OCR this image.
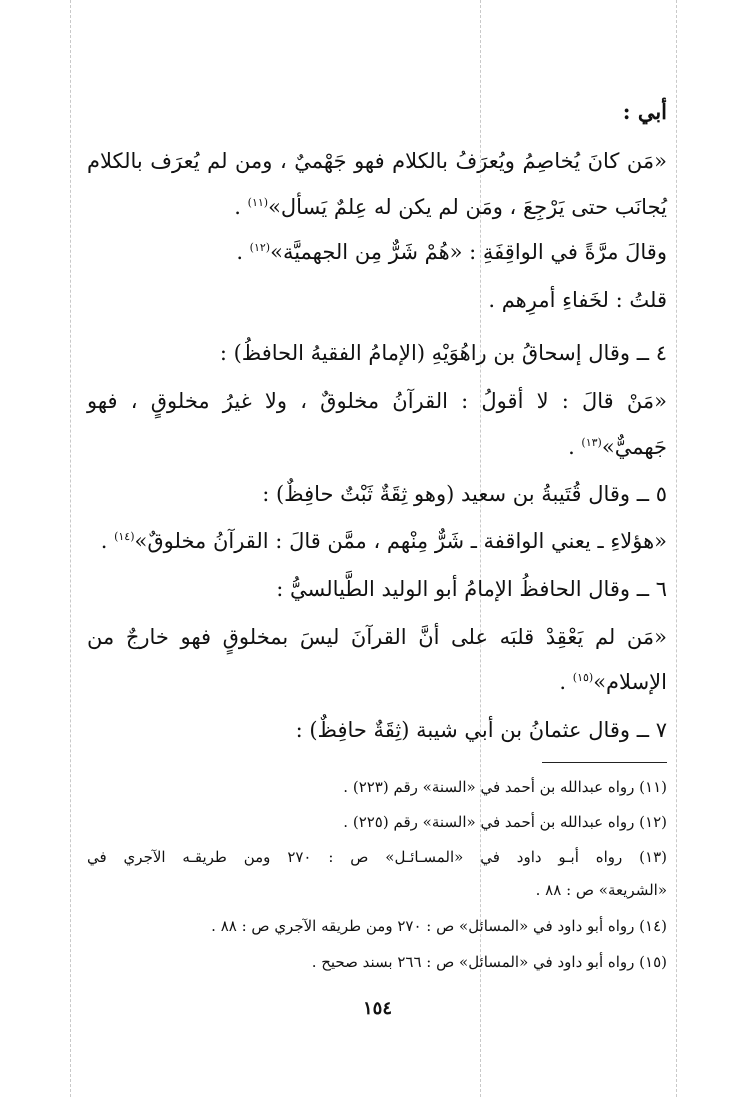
أبي :
«مَن كانَ يُخاصِمُ ويُعرَفُ بالكلام فهو جَهْميٌ ، ومن لم يُعرَف بالكلام
يُجانَب حتى يَرْجِعَ ، ومَن لم يكن له عِلمٌ يَسأل»$^{(١١)}$ .
وقالَ مرَّةً في الواقِفَةِ : «هُمْ شَرٌّ مِن الجهميَّة»$^{(١٢)}$ .
قلتُ : لخَفاءِ أمرِهم .
٤ ــ وقال إسحاقُ بن راهُوَيْهِ (الإمامُ الفقيهُ الحافظُ) :
«مَنْ قالَ : لا أقولُ : القرآنُ مخلوقٌ ، ولا غيرُ مخلوقٍ ، فهو
جَهميٌّ»$^{(١٣)}$ .
٥ ــ وقال قُتَيبةُ بن سعيد (وهو ثِقَةٌ ثَبْتٌ حافِظٌ) :
«هؤلاءِ ـ يعني الواقفة ـ شَرٌّ مِنْهم ، ممَّن قالَ : القرآنُ مخلوقٌ»$^{(١٤)}$ .
٦ ــ وقال الحافظُ الإمامُ أبو الوليد الطَّيالسيُّ :
«مَن لم يَعْقِدْ قلبَه على أنَّ القرآنَ ليسَ بمخلوقٍ فهو خارجٌ من
الإسلام»$^{(١٥)}$ .
٧ ــ وقال عثمانُ بن أبي شيبة (ثِقَةٌ حافِظٌ) :
(١١) رواه عبدالله بن أحمد في «السنة» رقم (٢٢٣) .
(١٢) رواه عبدالله بن أحمد في «السنة» رقم (٢٢٥) .
(١٣) رواه أبـو داود في «المسـائـل» ص : ٢٧٠ ومن طريقـه الآجري في
«الشريعة» ص : ٨٨ .
(١٤) رواه أبو داود في «المسائل» ص : ٢٧٠ ومن طريقه الآجري ص : ٨٨ .
(١٥) رواه أبو داود في «المسائل» ص : ٢٦٦ بسند صحيح .
١٥٤
